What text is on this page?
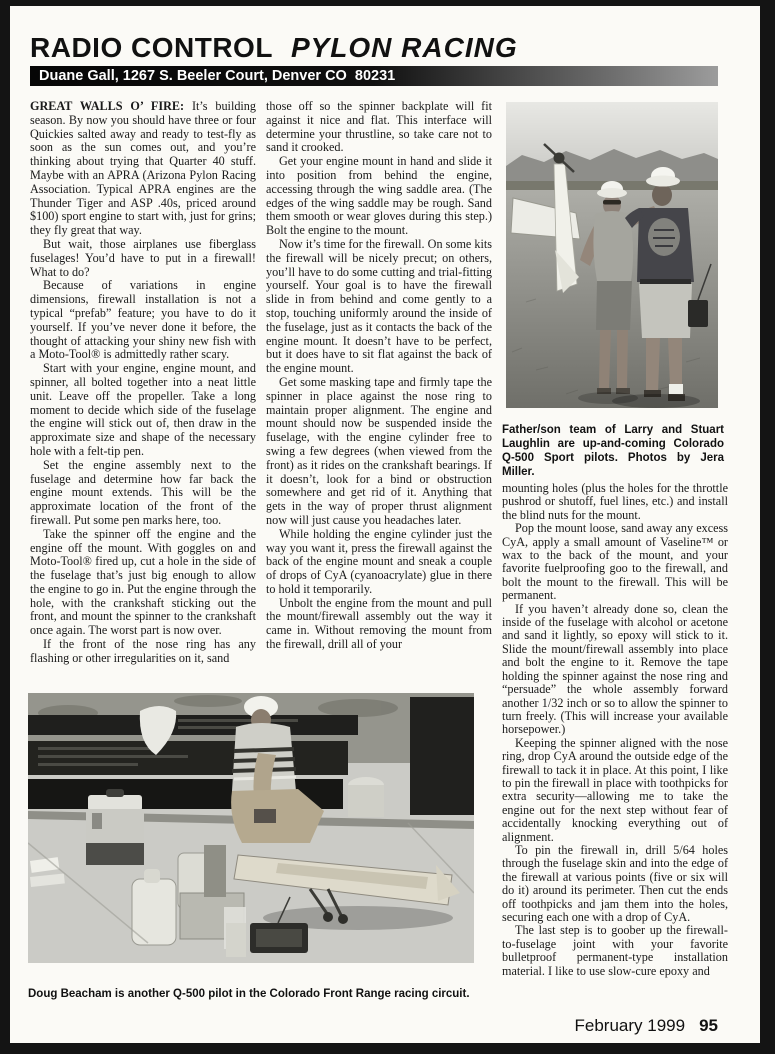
RADIO CONTROL PYLON RACING
Duane Gall, 1267 S. Beeler Court, Denver CO  80231

GREAT WALLS O’ FIRE: It’s building season. By now you should have three or four Quickies salted away and ready to test-fly as soon as the sun comes out, and you’re thinking about trying that Quarter 40 stuff. Maybe with an APRA (Arizona Pylon Racing Association. Typical APRA engines are the Thunder Tiger and ASP .40s, priced around $100) sport engine to start with, just for grins; they fly great that way.

But wait, those airplanes use fiberglass fuselages! You’d have to put in a firewall! What to do?

Because of variations in engine dimensions, firewall installation is not a typical “prefab” feature; you have to do it yourself. If you’ve never done it before, the thought of attacking your shiny new fish with a Moto-Tool® is admittedly rather scary.

Start with your engine, engine mount, and spinner, all bolted together into a neat little unit. Leave off the propeller. Take a long moment to decide which side of the fuselage the engine will stick out of, then draw in the approximate size and shape of the necessary hole with a felt-tip pen.

Set the engine assembly next to the fuselage and determine how far back the engine mount extends. This will be the approximate location of the front of the firewall. Put some pen marks here, too.

Take the spinner off the engine and the engine off the mount. With goggles on and Moto-Tool® fired up, cut a hole in the side of the fuselage that’s just big enough to allow the engine to go in. Put the engine through the hole, with the crankshaft sticking out the front, and mount the spinner to the crankshaft once again. The worst part is now over.

If the front of the nose ring has any flashing or other irregularities on it, sand

those off so the spinner backplate will fit against it nice and flat. This interface will determine your thrustline, so take care not to sand it crooked.

Get your engine mount in hand and slide it into position from behind the engine, accessing through the wing saddle area. (The edges of the wing saddle may be rough. Sand them smooth or wear gloves during this step.) Bolt the engine to the mount.

Now it’s time for the firewall. On some kits the firewall will be nicely precut; on others, you’ll have to do some cutting and trial-fitting yourself. Your goal is to have the firewall slide in from behind and come gently to a stop, touching uniformly around the inside of the fuselage, just as it contacts the back of the engine mount. It doesn’t have to be perfect, but it does have to sit flat against the back of the engine mount.

Get some masking tape and firmly tape the spinner in place against the nose ring to maintain proper alignment. The engine and mount should now be suspended inside the fuselage, with the engine cylinder free to swing a few degrees (when viewed from the front) as it rides on the crankshaft bearings. If it doesn’t, look for a bind or obstruction somewhere and get rid of it. Anything that gets in the way of proper thrust alignment now will just cause you headaches later.

While holding the engine cylinder just the way you want it, press the firewall against the back of the engine mount and sneak a couple of drops of CyA (cyanoacrylate) glue in there to hold it temporarily.

Unbolt the engine from the mount and pull the mount/firewall assembly out the way it came in. Without removing the mount from the firewall, drill all of your

mounting holes (plus the holes for the throttle pushrod or shutoff, fuel lines, etc.) and install the blind nuts for the mount.

Pop the mount loose, sand away any excess CyA, apply a small amount of Vaseline™ or wax to the back of the mount, and your favorite fuelproofing goo to the firewall, and bolt the mount to the firewall. This will be permanent.

If you haven’t already done so, clean the inside of the fuselage with alcohol or acetone and sand it lightly, so epoxy will stick to it. Slide the mount/firewall assembly into place and bolt the engine to it. Remove the tape holding the spinner against the nose ring and “persuade” the whole assembly forward another 1/32 inch or so to allow the spinner to turn freely. (This will increase your available horsepower.)

Keeping the spinner aligned with the nose ring, drop CyA around the outside edge of the firewall to tack it in place. At this point, I like to pin the firewall in place with toothpicks for extra security—allowing me to take the engine out for the next step without fear of accidentally knocking everything out of alignment.

To pin the firewall in, drill 5/64 holes through the fuselage skin and into the edge of the firewall at various points (five or six will do it) around its perimeter. Then cut the ends off toothpicks and jam them into the holes, securing each one with a drop of CyA.

The last step is to goober up the firewall-to-fuselage joint with your favorite bulletproof permanent-type installation material. I like to use slow-cure epoxy and

Father/son team of Larry and Stuart Laughlin are up-and-coming Colorado Q-500 Sport pilots. Photos by Jera Miller.
Doug Beacham is another Q-500 pilot in the Colorado Front Range racing circuit.
February 1999 95
